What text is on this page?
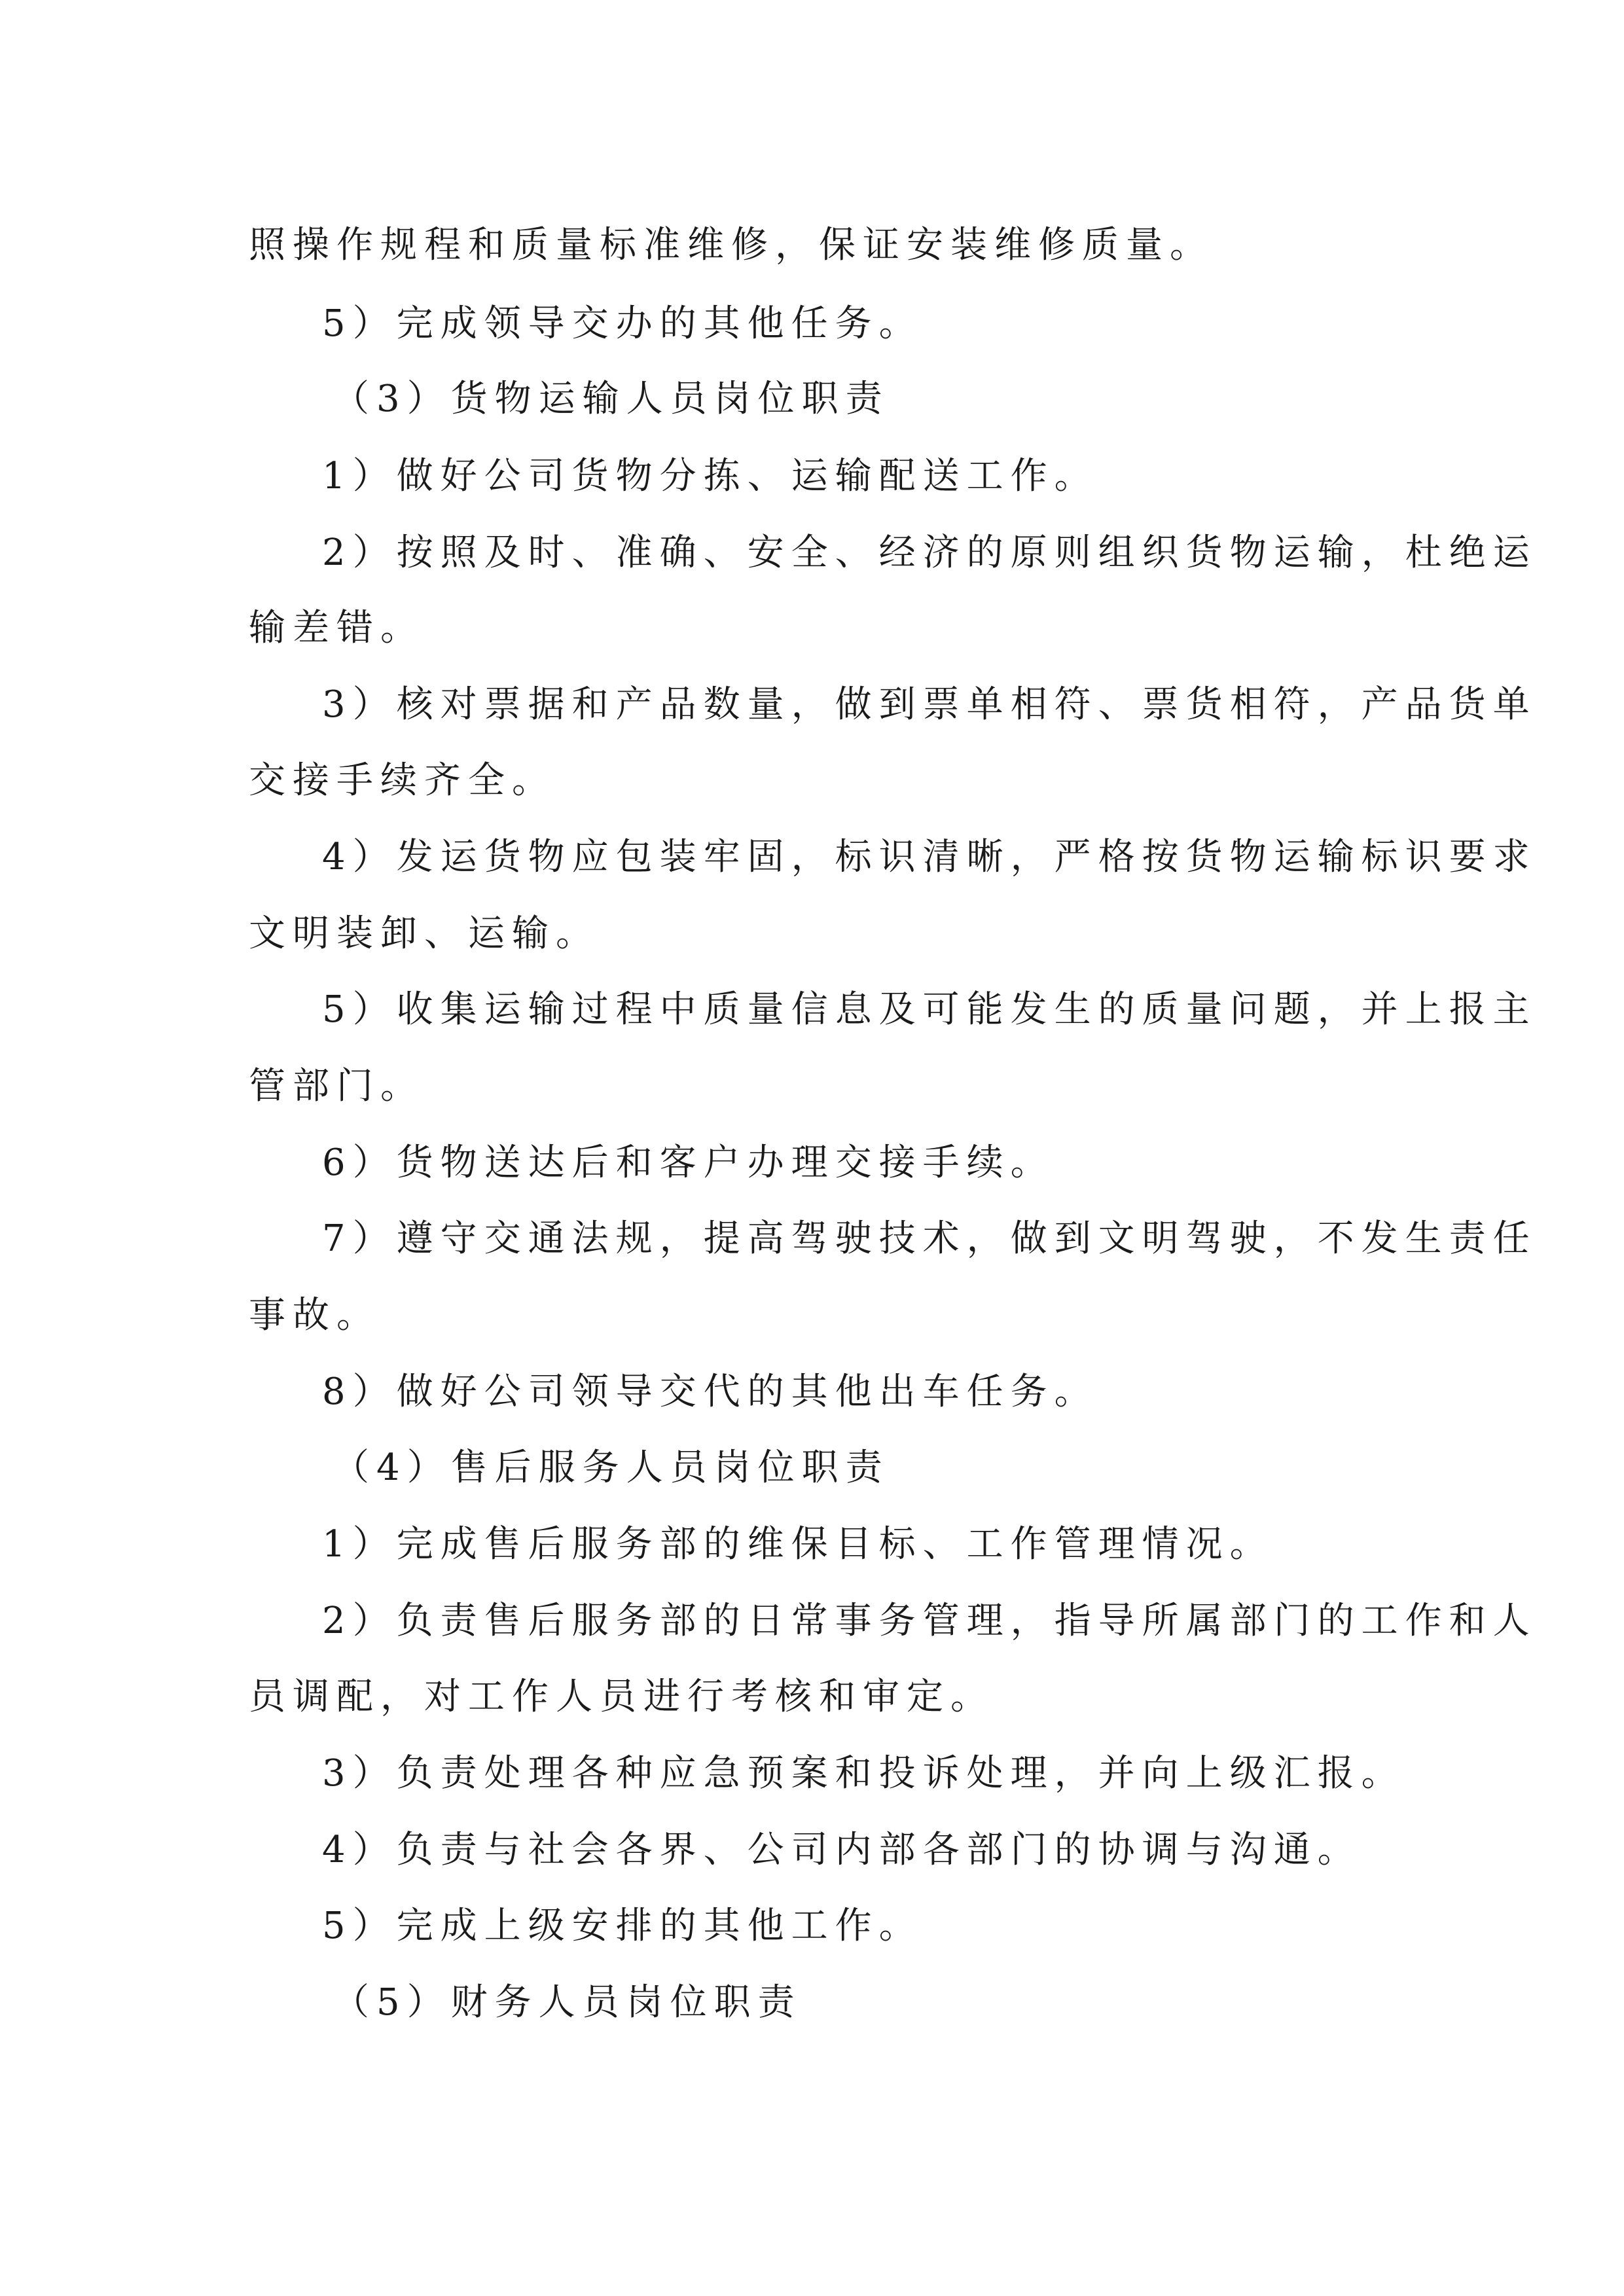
照操作规程和质量标准维修，保证安装维修质量。
5）完成领导交办的其他任务。
（3）货物运输人员岗位职责
1）做好公司货物分拣、运输配送工作。
2）按照及时、准确、安全、经济的原则组织货物运输，杜绝运
输差错。
3）核对票据和产品数量，做到票单相符、票货相符，产品货单
交接手续齐全。
4）发运货物应包装牢固，标识清晰，严格按货物运输标识要求
文明装卸、运输。
5）收集运输过程中质量信息及可能发生的质量问题，并上报主
管部门。
6）货物送达后和客户办理交接手续。
7）遵守交通法规，提高驾驶技术，做到文明驾驶，不发生责任
事故。
8）做好公司领导交代的其他出车任务。
（4）售后服务人员岗位职责
1）完成售后服务部的维保目标、工作管理情况。
2）负责售后服务部的日常事务管理，指导所属部门的工作和人
员调配，对工作人员进行考核和审定。
3）负责处理各种应急预案和投诉处理，并向上级汇报。
4）负责与社会各界、公司内部各部门的协调与沟通。
5）完成上级安排的其他工作。
（5）财务人员岗位职责
